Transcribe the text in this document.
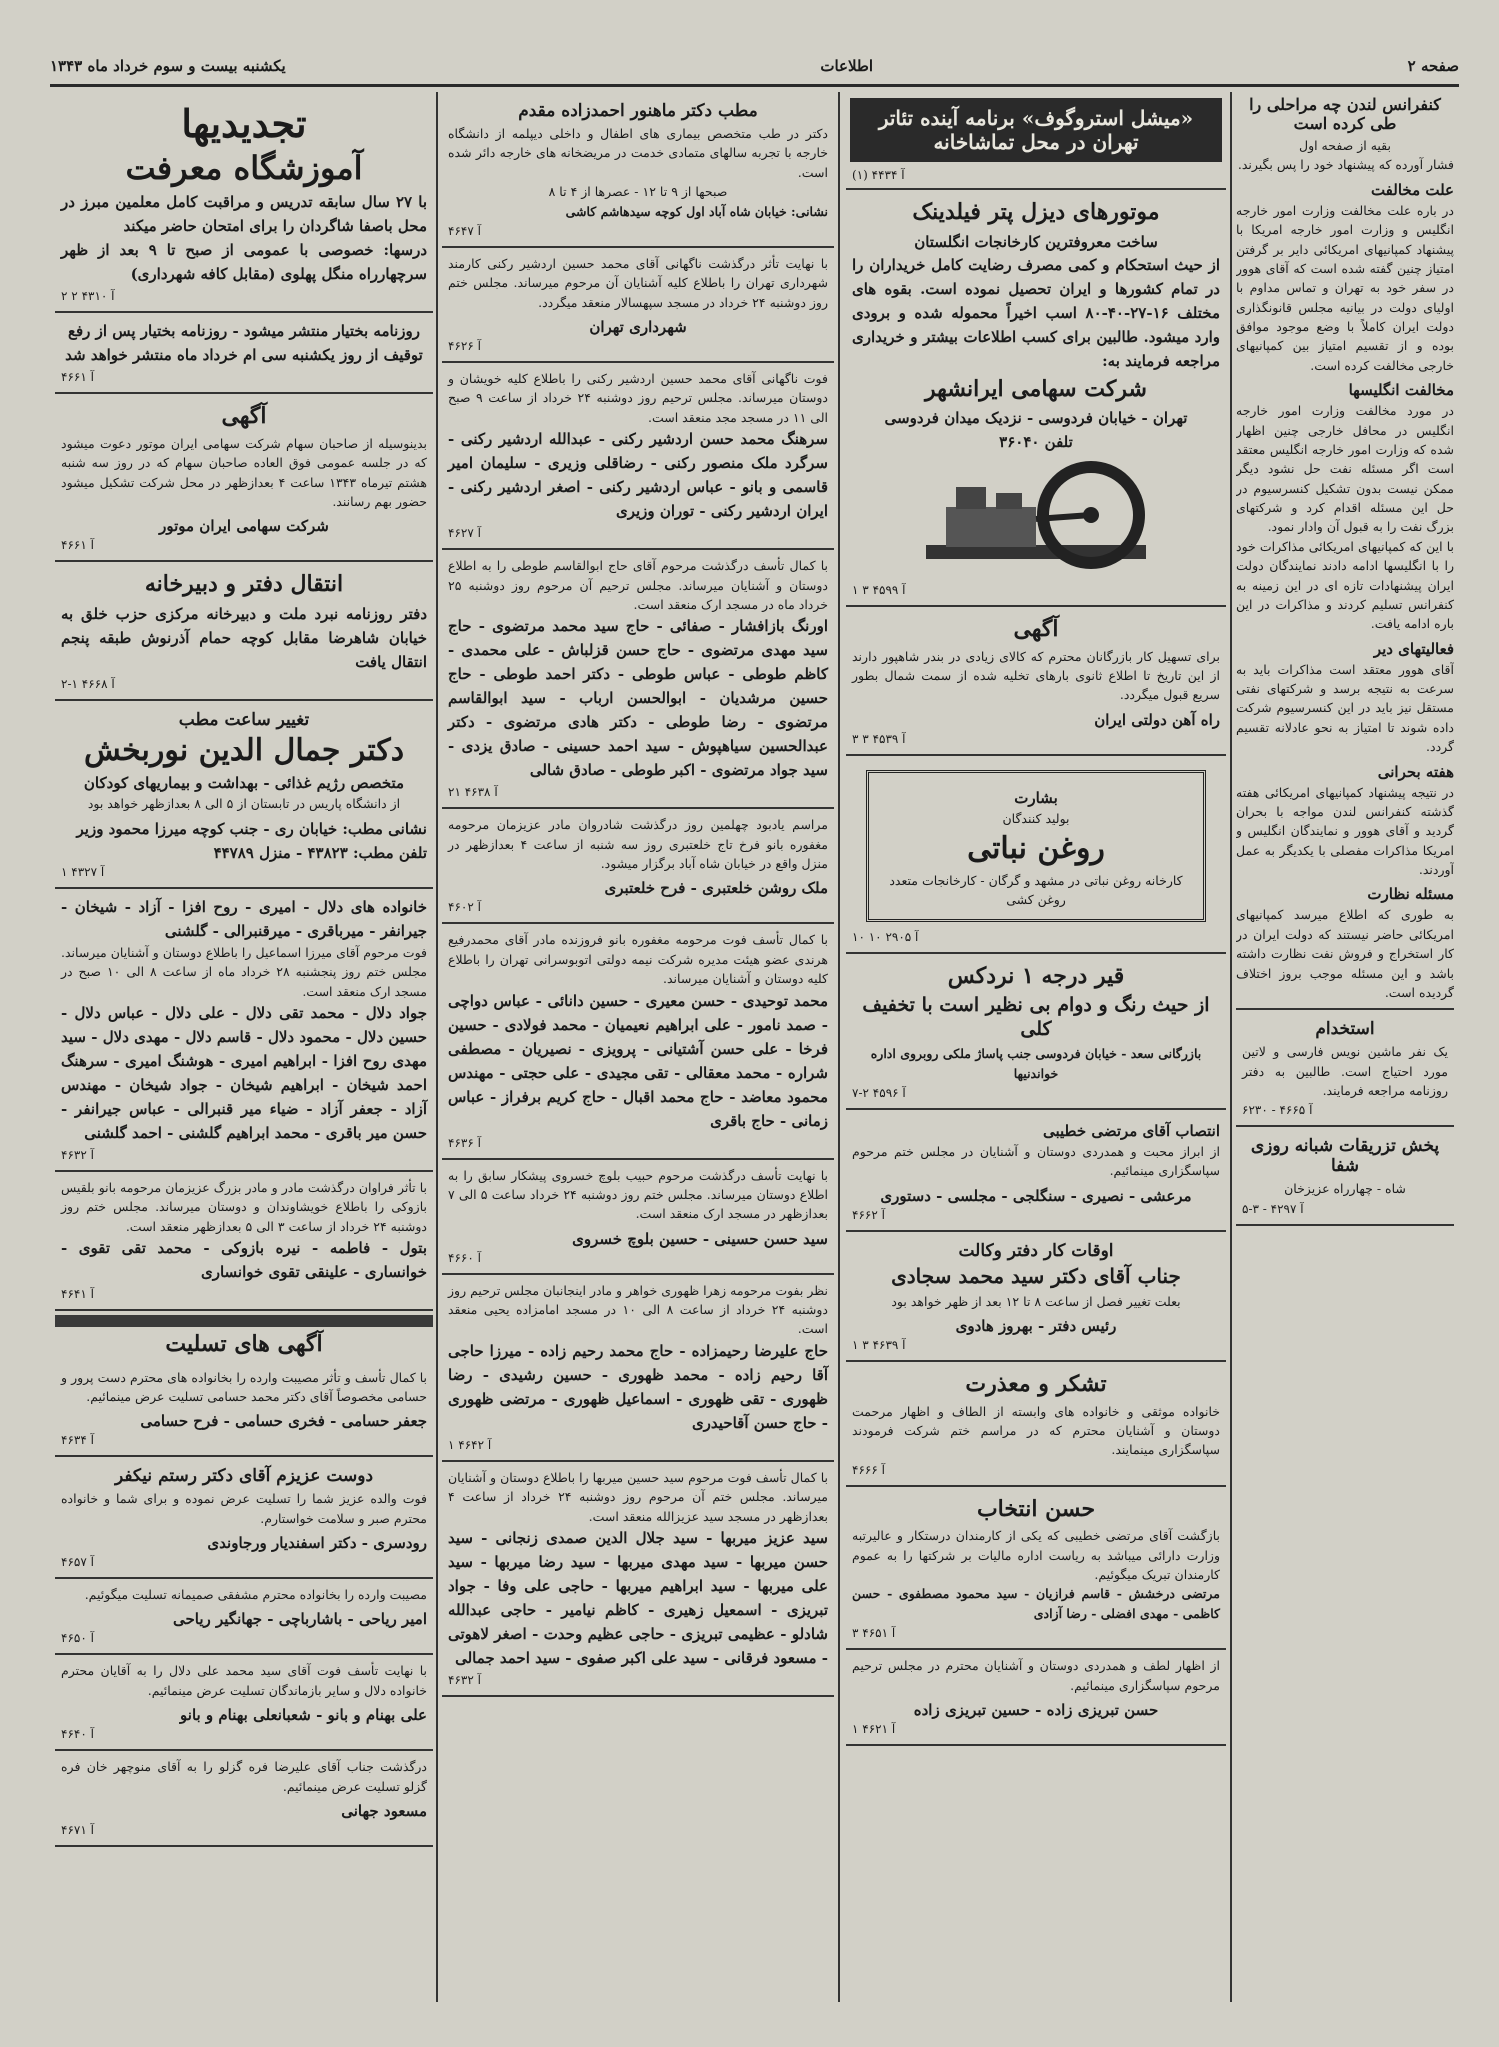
یکشنبه بیست و سوم خرداد ماه ۱۳۴۳	اطلاعات	صفحه ۲
تجدیدیها
آموزشگاه معرفت
با ۲۷ سال سابقه تدریس و مراقبت کامل معلمین مبرز در محل باصفا شاگردان را برای امتحان حاضر میکند
درسها: خصوصی با عمومی از صبح تا ۹ بعد از ظهر سرچهارراه منگل پهلوی (مقابل کافه شهرداری)
آ ۴۳۱۰ ۲ ۲
روزنامه بختیار منتشر میشود - روزنامه بختیار پس از رفع توقیف از روز یکشنبه سی ام خرداد ماه منتشر خواهد شد
آ ۴۶۶۱
آگهی
بدینوسیله از صاحبان سهام شرکت سهامی ایران موتور دعوت میشود که در جلسه عمومی فوق العاده صاحبان سهام که در روز سه شنبه هشتم تیرماه ۱۳۴۳ ساعت ۴ بعدازظهر در محل شرکت تشکیل میشود حضور بهم رسانند.
شرکت سهامی ایران موتور
آ ۴۶۶۱
انتقال دفتر و دبیرخانه
دفتر روزنامه نبرد ملت و دبیرخانه مرکزی حزب خلق به خیابان شاهرضا مقابل کوچه حمام آذرنوش طبقه پنجم انتقال یافت
آ ۴۶۶۸ ۱-۲
تغییر ساعت مطب
دکتر جمال الدین نوربخش
متخصص رژیم غذائی - بهداشت و بیماریهای کودکان
از دانشگاه پاریس در تابستان از ۵ الی ۸ بعدازظهر خواهد بود
نشانی مطب: خیابان ری - جنب کوچه میرزا محمود وزیر
تلفن مطب: ۴۳۸۲۳ - منزل ۴۴۷۸۹
آ ۴۳۲۷ ۱
خانواده های دلال - امیری - روح افزا - آزاد - شیخان - جیرانفر - میرباقری - میرقنبرالی - گلشنی
فوت مرحوم آقای میرزا اسماعیل را باطلاع دوستان و آشنایان میرساند. مجلس ختم روز پنجشنبه ۲۸ خرداد ماه از ساعت ۸ الی ۱۰ صبح در مسجد ارک منعقد است.
جواد دلال - محمد تقی دلال - علی دلال - عباس دلال - حسین دلال - محمود دلال - قاسم دلال - مهدی دلال - سید مهدی روح افزا - ابراهیم امیری - هوشنگ امیری - سرهنگ احمد شیخان - ابراهیم شیخان - جواد شیخان - مهندس آزاد - جعفر آزاد - ضیاء میر قنبرالی - عباس جیرانفر - حسن میر باقری - محمد ابراهیم گلشنی - احمد گلشنی
آ ۴۶۳۲
با تأثر فراوان درگذشت مادر و مادر بزرگ عزیزمان مرحومه بانو بلقیس بازوکی را باطلاع خویشاوندان و دوستان میرساند. مجلس ختم روز دوشنبه ۲۴ خرداد از ساعت ۳ الی ۵ بعدازظهر منعقد است.
بتول - فاطمه - نیره بازوکی - محمد تقی تقوی - خوانساری - علینقی تقوی خوانساری
آ ۴۶۴۱
آگهی های تسلیت
با کمال تأسف و تأثر مصیبت وارده را بخانواده های محترم دست پرور و حسامی مخصوصاً آقای دکتر محمد حسامی تسلیت عرض مینمائیم.
جعفر حسامی - فخری حسامی - فرح حسامی
آ ۴۶۳۴
دوست عزیزم آقای دکتر رستم نیکفر
فوت والده عزیز شما را تسلیت عرض نموده و برای شما و خانواده محترم صبر و سلامت خواستارم.
رودسری - دکتر اسفندیار ورجاوندی
آ ۴۶۵۷
مصیبت وارده را بخانواده محترم مشفقی صمیمانه تسلیت میگوئیم.
امیر ریاحی - باشارباچی - جهانگیر ریاحی
آ ۴۶۵۰
با نهایت تأسف فوت آقای سید محمد علی دلال را به آقایان محترم خانواده دلال و سایر بازماندگان تسلیت عرض مینمائیم.
علی بهنام و بانو - شعبانعلی بهنام و بانو
آ ۴۶۴۰
درگذشت جناب آقای علیرضا فره گزلو را به آقای منوچهر خان فره گزلو تسلیت عرض مینمائیم.
مسعود جهانی
آ ۴۶۷۱
مطب دکتر ماهنور احمدزاده مقدم
دکتر در طب متخصص بیماری های اطفال و داخلی دیپلمه از دانشگاه خارجه با تجربه سالهای متمادی خدمت در مریضخانه های خارجه دائر شده است.
صبحها از ۹ تا ۱۲ - عصرها از ۴ تا ۸
نشانی: خیابان شاه آباد اول کوچه سیدهاشم کاشی
آ ۴۶۴۷
با نهایت تأثر درگذشت ناگهانی آقای محمد حسین اردشیر رکنی کارمند شهرداری تهران را باطلاع کلیه آشنایان آن مرحوم میرساند. مجلس ختم روز دوشنبه ۲۴ خرداد در مسجد سپهسالار منعقد میگردد.
شهرداری تهران
آ ۴۶۲۶
فوت ناگهانی آقای محمد حسین اردشیر رکنی را باطلاع کلیه خویشان و دوستان میرساند. مجلس ترحیم روز دوشنبه ۲۴ خرداد از ساعت ۹ صبح الی ۱۱ در مسجد مجد منعقد است.
سرهنگ محمد حسن اردشیر رکنی - عبدالله اردشیر رکنی - سرگرد ملک منصور رکنی - رضاقلی وزیری - سلیمان امیر قاسمی و بانو - عباس اردشیر رکنی - اصغر اردشیر رکنی - ایران اردشیر رکنی - توران وزیری
آ ۴۶۲۷
با کمال تأسف درگذشت مرحوم آقای حاج ابوالقاسم طوطی را به اطلاع دوستان و آشنایان میرساند. مجلس ترحیم آن مرحوم روز دوشنبه ۲۵ خرداد ماه در مسجد ارک منعقد است.
اورنگ بازافشار - صفائی - حاج سید محمد مرتضوی - حاج سید مهدی مرتضوی - حاج حسن قزلباش - علی محمدی - کاظم طوطی - عباس طوطی - دکتر احمد طوطی - حاج حسین مرشدیان - ابوالحسن ارباب - سید ابوالقاسم مرتضوی - رضا طوطی - دکتر هادی مرتضوی - دکتر عبدالحسین سیاهپوش - سید احمد حسینی - صادق یزدی - سید جواد مرتضوی - اکبر طوطی - صادق شالی
آ ۴۶۳۸ ۲۱
مراسم یادبود چهلمین روز درگذشت شادروان مادر عزیزمان مرحومه مغفوره بانو فرخ تاج خلعتبری روز سه شنبه از ساعت ۴ بعدازظهر در منزل واقع در خیابان شاه آباد برگزار میشود.
ملک روشن خلعتبری - فرح خلعتبری
آ ۴۶۰۲
با کمال تأسف فوت مرحومه مغفوره بانو فروزنده مادر آقای محمدرفیع هرندی عضو هیئت مدیره شرکت نیمه دولتی اتوبوسرانی تهران را باطلاع کلیه دوستان و آشنایان میرساند.
محمد توحیدی - حسن معیری - حسین دانائی - عباس دواچی - صمد نامور - علی ابراهیم نعیمیان - محمد فولادی - حسین فرخا - علی حسن آشتیانی - پرویزی - نصیریان - مصطفی شراره - محمد معقالی - تقی مجیدی - علی حجتی - مهندس محمود معاضد - حاج محمد اقبال - حاج کریم برفراز - عباس زمانی - حاج باقری
آ ۴۶۳۶
با نهایت تأسف درگذشت مرحوم حبیب بلوچ خسروی پیشکار سابق را به اطلاع دوستان میرساند. مجلس ختم روز دوشنبه ۲۴ خرداد ساعت ۵ الی ۷ بعدازظهر در مسجد ارک منعقد است.
سید حسن حسینی - حسین بلوچ خسروی
آ ۴۶۶۰
نظر بفوت مرحومه زهرا ظهوری خواهر و مادر اینجانبان مجلس ترحیم روز دوشنبه ۲۴ خرداد از ساعت ۸ الی ۱۰ در مسجد امامزاده یحیی منعقد است.
حاج علیرضا رحیمزاده - حاج محمد رحیم زاده - میرزا حاجی آقا رحیم زاده - محمد ظهوری - حسین رشیدی - رضا ظهوری - تقی ظهوری - اسماعیل ظهوری - مرتضی ظهوری - حاج حسن آقاحیدری
آ ۴۶۴۲ ۱
با کمال تأسف فوت مرحوم سید حسین میربها را باطلاع دوستان و آشنایان میرساند. مجلس ختم آن مرحوم روز دوشنبه ۲۴ خرداد از ساعت ۴ بعدازظهر در مسجد سید عزیزالله منعقد است.
سید عزیز میربها - سید جلال الدین صمدی زنجانی - سید حسن میربها - سید مهدی میربها - سید رضا میربها - سید علی میربها - سید ابراهیم میربها - حاجی علی وفا - جواد تبریزی - اسمعیل زهیری - کاظم نیامیر - حاجی عبدالله شادلو - عظیمی تبریزی - حاجی عظیم وحدت - اصغر لاهوتی - مسعود فرقانی - سید علی اکبر صفوی - سید احمد جمالی
آ ۴۶۳۲
«میشل استروگوف» برنامه آینده تئاتر تهران در محل تماشاخانه
آ ۴۴۳۴ (۱)
موتورهای دیزل پتر فیلدینک
ساخت معروفترین کارخانجات انگلستان
از حیث استحکام و کمی مصرف رضایت کامل خریداران را در تمام کشورها و ایران تحصیل نموده است. بقوه های مختلف ۱۶-۲۷-۴۰-۸۰ اسب اخیراً محموله شده و برودی وارد میشود. طالبین برای کسب اطلاعات بیشتر و خریداری مراجعه فرمایند به:
شرکت سهامی ایرانشهر
تهران - خیابان فردوسی - نزدیک میدان فردوسی
تلفن ۳۶۰۴۰
آ ۴۵۹۹ ۳ ۱
آگهی
برای تسهیل کار بازرگانان محترم که کالای زیادی در بندر شاهپور دارند از این تاریخ تا اطلاع ثانوی بارهای تخلیه شده از سمت شمال بطور سریع قبول میگردد.
راه آهن دولتی ایران
آ ۴۵۳۹ ۳ ۳
بشارت
بولید کنندگان
روغن نباتی
کارخانه روغن نباتی در مشهد و گرگان - کارخانجات متعدد روغن کشی
آ ۲۹۰۵ ۱۰ ۱۰
قیر درجه ۱ نردکس
از حیث رنگ و دوام بی نظیر است با تخفیف کلی
بازرگانی سعد - خیابان فردوسی جنب پاساژ ملکی روبروی اداره خواندنیها
آ ۴۵۹۶ ۲-۷
انتصاب آقای مرتضی خطیبی
از ابراز محبت و همدردی دوستان و آشنایان در مجلس ختم مرحوم سپاسگزاری مینمائیم.
مرعشی - نصیری - سنگلجی - مجلسی - دستوری
آ ۴۶۶۲
اوقات کار دفتر وکالت
جناب آقای دکتر سید محمد سجادی
بعلت تغییر فصل از ساعت ۸ تا ۱۲ بعد از ظهر خواهد بود
رئیس دفتر - بهروز هادوی
آ ۴۶۳۹ ۳ ۱
تشکر و معذرت
خانواده موثقی و خانواده های وابسته از الطاف و اظهار مرحمت دوستان و آشنایان محترم که در مراسم ختم شرکت فرمودند سپاسگزاری مینمایند.
آ ۴۶۶۶
حسن انتخاب
بازگشت آقای مرتضی خطیبی که یکی از کارمندان درستکار و عالیرتبه وزارت دارائی میباشد به ریاست اداره مالیات بر شرکتها را به عموم کارمندان تبریک میگوئیم.
مرتضی درخشش - قاسم فرازیان - سید محمود مصطفوی - حسن کاظمی - مهدی افضلی - رضا آزادی
آ ۴۶۵۱ ۳
از اظهار لطف و همدردی دوستان و آشنایان محترم در مجلس ترحیم مرحوم سپاسگزاری مینمائیم.
حسن تبریزی زاده - حسین تبریزی زاده
آ ۴۶۲۱ ۱
کنفرانس لندن چه مراحلی را طی کرده است
بقیه از صفحه اول
فشار آورده که پیشنهاد خود را پس بگیرند.
علت مخالفت
در باره علت مخالفت وزارت امور خارجه انگلیس و وزارت امور خارجه امریکا با پیشنهاد کمپانیهای امریکائی دایر بر گرفتن امتیاز چنین گفته شده است که آقای هوور در سفر خود به تهران و تماس مداوم با اولیای دولت در بیانیه مجلس قانونگذاری دولت ایران کاملاً با وضع موجود موافق بوده و از تقسیم امتیاز بین کمپانیهای خارجی مخالفت کرده است.
مخالفت انگلیسها
در مورد مخالفت وزارت امور خارجه انگلیس در محافل خارجی چنین اظهار شده که وزارت امور خارجه انگلیس معتقد است اگر مسئله نفت حل نشود دیگر ممکن نیست بدون تشکیل کنسرسیوم در حل این مسئله اقدام کرد و شرکتهای بزرگ نفت را به قبول آن وادار نمود.
با این که کمپانیهای امریکائی مذاکرات خود را با انگلیسها ادامه دادند نمایندگان دولت ایران پیشنهادات تازه ای در این زمینه به کنفرانس تسلیم کردند و مذاکرات در این باره ادامه یافت.
فعالیتهای دیر
آقای هوور معتقد است مذاکرات باید به سرعت به نتیجه برسد و شرکتهای نفتی مستقل نیز باید در این کنسرسیوم شرکت داده شوند تا امتیاز به نحو عادلانه تقسیم گردد.
هفته بحرانی
در نتیجه پیشنهاد کمپانیهای امریکائی هفته گذشته کنفرانس لندن مواجه با بحران گردید و آقای هوور و نمایندگان انگلیس و امریکا مذاکرات مفصلی با یکدیگر به عمل آوردند.
مسئله نظارت
به طوری که اطلاع میرسد کمپانیهای امریکائی حاضر نیستند که دولت ایران در کار استخراج و فروش نفت نظارت داشته باشد و این مسئله موجب بروز اختلاف گردیده است.
استخدام
یک نفر ماشین نویس فارسی و لاتین مورد احتیاج است. طالبین به دفتر روزنامه مراجعه فرمایند.
آ ۴۶۶۵ - ۶۲۳۰
پخش تزریقات شبانه روزی شفا
شاه - چهارراه عزیزخان
آ ۴۲۹۷ - ۳-۵
